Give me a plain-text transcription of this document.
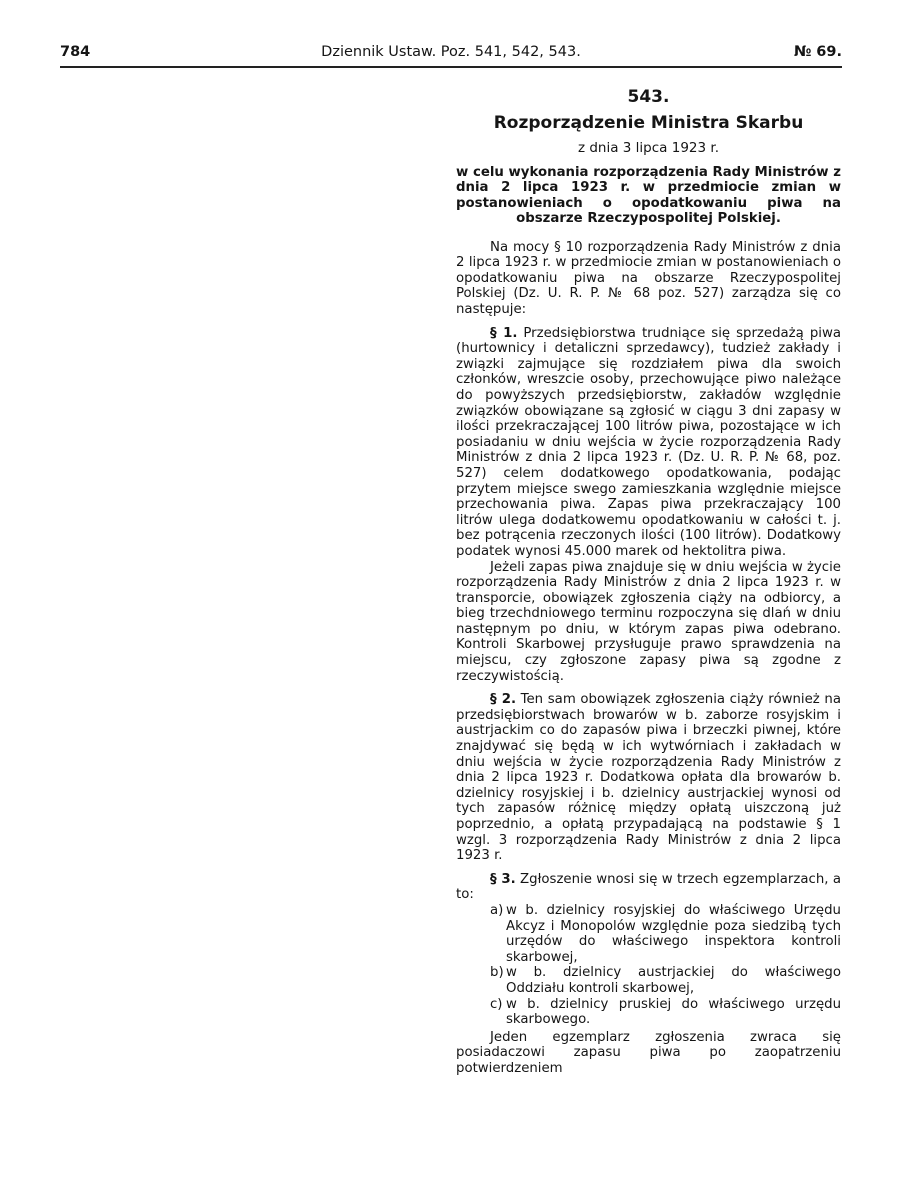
784	Dziennik Ustaw. Poz. 541, 542, 543.	№ 69.
543.
Rozporządzenie Ministra Skarbu
z dnia 3 lipca 1923 r.
w celu wykonania rozporządzenia Rady Ministrów z dnia 2 lipca 1923 r. w przedmiocie zmian w postanowieniach o opodatkowaniu piwa na obszarze Rzeczypospolitej Polskiej.

Na mocy § 10 rozporządzenia Rady Ministrów z dnia 2 lipca 1923 r. w przedmiocie zmian w postanowieniach o opodatkowaniu piwa na obszarze Rzeczypospolitej Polskiej (Dz. U. R. P. № 68 poz. 527) zarządza się co następuje:

§ 1. Przedsiębiorstwa trudniące się sprzedażą piwa (hurtownicy i detaliczni sprzedawcy), tudzież zakłady i związki zajmujące się rozdziałem piwa dla swoich członków, wreszcie osoby, przechowujące piwo należące do powyższych przedsiębiorstw, zakładów względnie związków obowiązane są zgłosić w ciągu 3 dni zapasy w ilości przekraczającej 100 litrów piwa, pozostające w ich posiadaniu w dniu wejścia w życie rozporządzenia Rady Ministrów z dnia 2 lipca 1923 r. (Dz. U. R. P. № 68, poz. 527) celem dodatkowego opodatkowania, podając przytem miejsce swego zamieszkania względnie miejsce przechowania piwa. Zapas piwa przekraczający 100 litrów ulega dodatkowemu opodatkowaniu w całości t. j. bez potrącenia rzeczonych ilości (100 litrów). Dodatkowy podatek wynosi 45.000 marek od hektolitra piwa.

Jeżeli zapas piwa znajduje się w dniu wejścia w życie rozporządzenia Rady Ministrów z dnia 2 lipca 1923 r. w transporcie, obowiązek zgłoszenia ciąży na odbiorcy, a bieg trzechdniowego terminu rozpoczyna się dlań w dniu następnym po dniu, w którym zapas piwa odebrano. Kontroli Skarbowej przysługuje prawo sprawdzenia na miejscu, czy zgłoszone zapasy piwa są zgodne z rzeczywistością.

§ 2. Ten sam obowiązek zgłoszenia ciąży również na przedsiębiorstwach browarów w b. zaborze rosyjskim i austrjackim co do zapasów piwa i brzeczki piwnej, które znajdywać się będą w ich wytwórniach i zakładach w dniu wejścia w życie rozporządzenia Rady Ministrów z dnia 2 lipca 1923 r. Dodatkowa opłata dla browarów b. dzielnicy rosyjskiej i b. dzielnicy austrjackiej wynosi od tych zapasów różnicę między opłatą uiszczoną już poprzednio, a opłatą przypadającą na podstawie § 1 wzgl. 3 rozporządzenia Rady Ministrów z dnia 2 lipca 1923 r.

§ 3. Zgłoszenie wnosi się w trzech egzemplarzach, a to:

a) w b. dzielnicy rosyjskiej do właściwego Urzędu Akcyz i Monopolów względnie poza siedzibą tych urzędów do właściwego inspektora kontroli skarbowej,
b) w b. dzielnicy austrjackiej do właściwego Oddziału kontroli skarbowej,
c) w b. dzielnicy pruskiej do właściwego urzędu skarbowego.

Jeden egzemplarz zgłoszenia zwraca się posiadaczowi zapasu piwa po zaopatrzeniu potwierdzeniem
